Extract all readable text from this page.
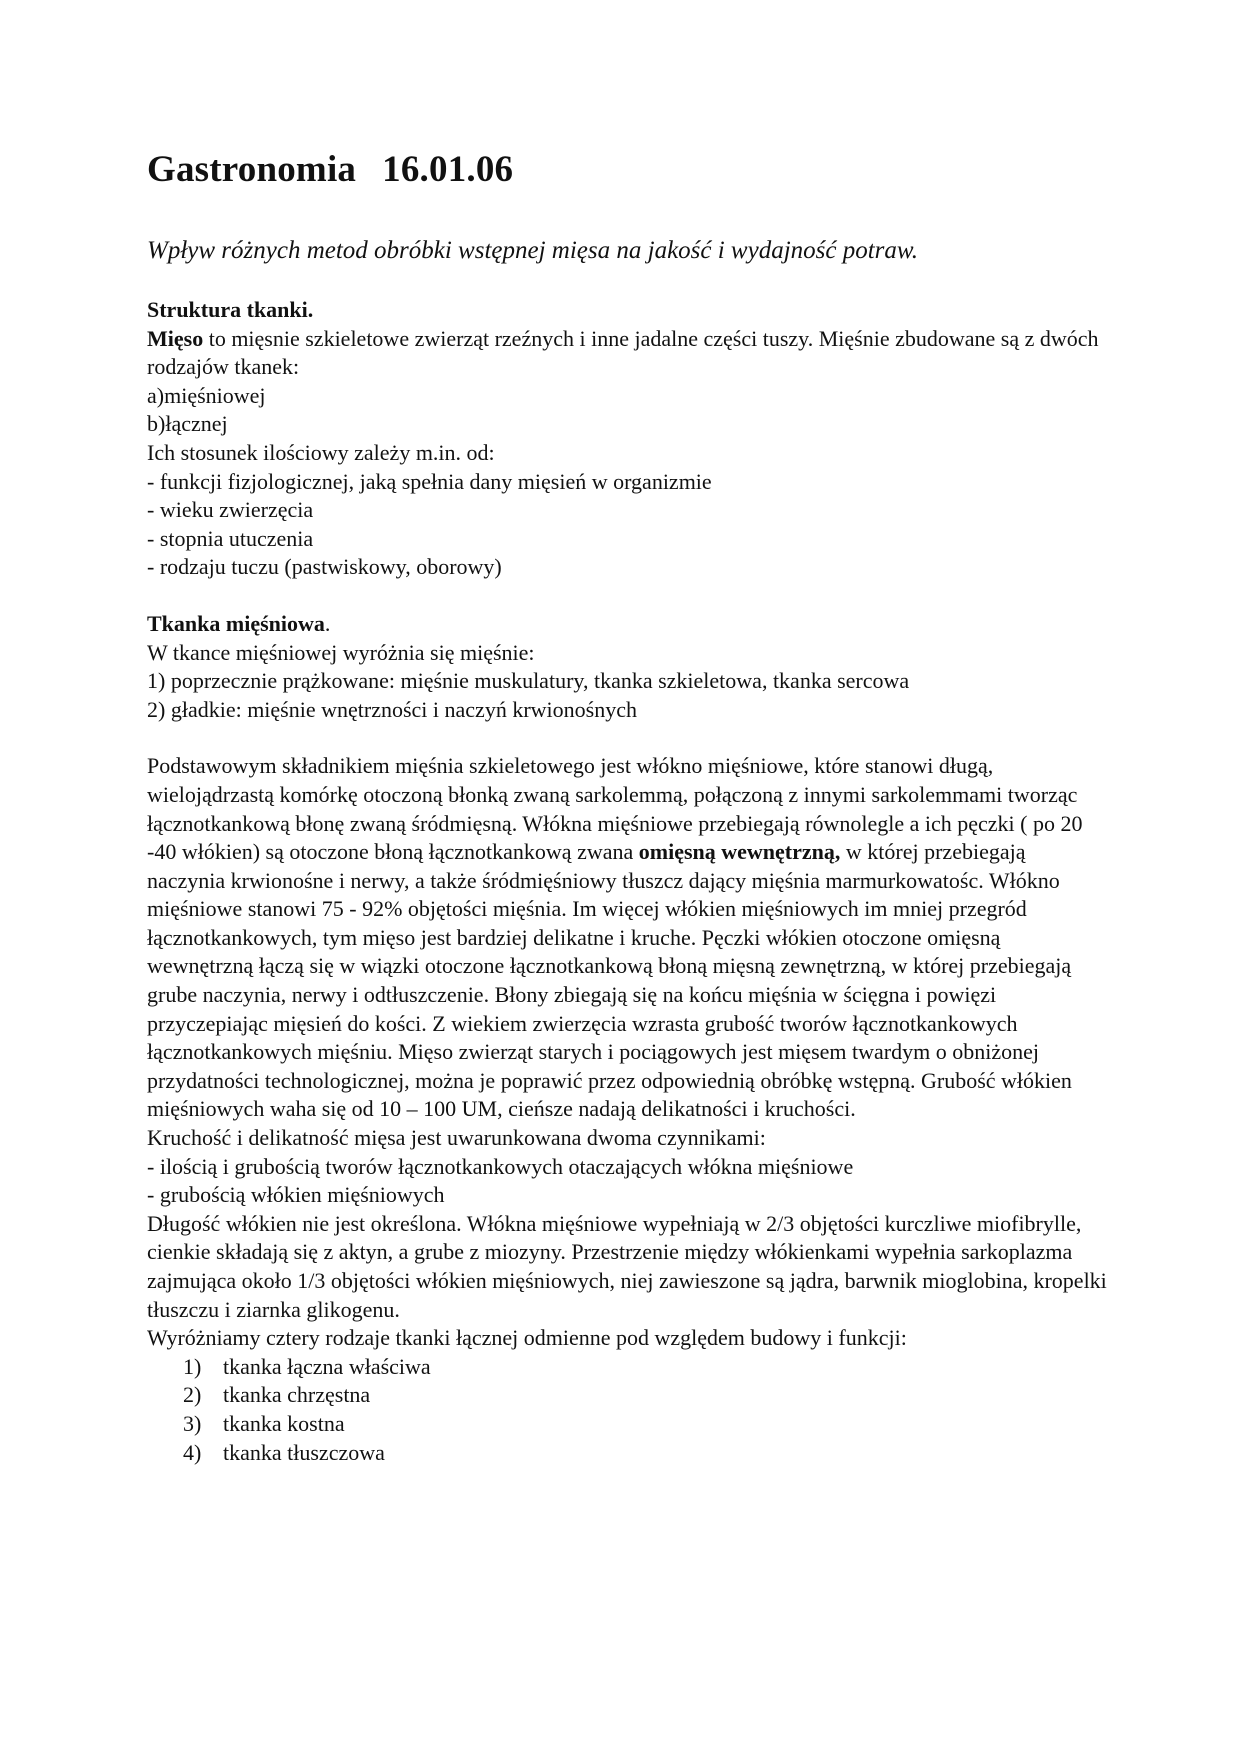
Gastronomia 16.01.06

Wpływ różnych metod obróbki wstępnej mięsa na jakość i wydajność potraw.

Struktura tkanki.

Mięso to mięsnie szkieletowe zwierząt rzeźnych i inne jadalne części tuszy. Mięśnie zbudowane są z dwóch rodzajów tkanek:

a)mięśniowej

b)łącznej

Ich stosunek ilościowy zależy m.in. od:

- funkcji fizjologicznej, jaką spełnia dany mięsień w organizmie

- wieku zwierzęcia

- stopnia utuczenia

- rodzaju tuczu (pastwiskowy, oborowy)

Tkanka mięśniowa.

W tkance mięśniowej wyróżnia się mięśnie:

1) poprzecznie prążkowane: mięśnie muskulatury, tkanka szkieletowa, tkanka sercowa

2) gładkie: mięśnie wnętrzności i naczyń krwionośnych

Podstawowym składnikiem mięśnia szkieletowego jest włókno mięśniowe, które stanowi długą, wielojądrzastą komórkę otoczoną błonką zwaną sarkolemmą, połączoną z innymi sarkolemmami tworząc łącznotkankową błonę zwaną śródmięsną. Włókna mięśniowe przebiegają równolegle a ich pęczki ( po 20 -40 włókien) są otoczone błoną łącznotkankową zwana omięsną wewnętrzną, w której przebiegają naczynia krwionośne i nerwy, a także śródmięśniowy tłuszcz dający mięśnia marmurkowatośc. Włókno mięśniowe stanowi 75 - 92% objętości mięśnia. Im więcej włókien mięśniowych im mniej przegród łącznotkankowych, tym mięso jest bardziej delikatne i kruche. Pęczki włókien otoczone omięsną wewnętrzną łączą się w wiązki otoczone łącznotkankową błoną mięsną zewnętrzną, w której przebiegają grube naczynia, nerwy i odtłuszczenie. Błony zbiegają się na końcu mięśnia w ścięgna i powięzi przyczepiając mięsień do kości. Z wiekiem zwierzęcia wzrasta grubość tworów łącznotkankowych łącznotkankowych mięśniu. Mięso zwierząt starych i pociągowych jest mięsem twardym o obniżonej przydatności technologicznej, można je poprawić przez odpowiednią obróbkę wstępną. Grubość włókien mięśniowych waha się od 10 – 100 UM, cieńsze nadają delikatności i kruchości.

Kruchość i delikatność mięsa jest uwarunkowana dwoma czynnikami:

- ilością i grubością tworów łącznotkankowych otaczających włókna mięśniowe

- grubością włókien mięśniowych

Długość włókien nie jest określona. Włókna mięśniowe wypełniają w 2/3 objętości kurczliwe miofibrylle, cienkie składają się z aktyn, a grube z miozyny. Przestrzenie między włókienkami wypełnia sarkoplazma zajmująca około 1/3 objętości włókien mięśniowych, niej zawieszone są jądra, barwnik mioglobina, kropelki tłuszczu i ziarnka glikogenu.

Wyróżniamy cztery rodzaje tkanki łącznej odmienne pod względem budowy i funkcji:

1) tkanka łączna właściwa
2) tkanka chrzęstna
3) tkanka kostna
4) tkanka tłuszczowa
